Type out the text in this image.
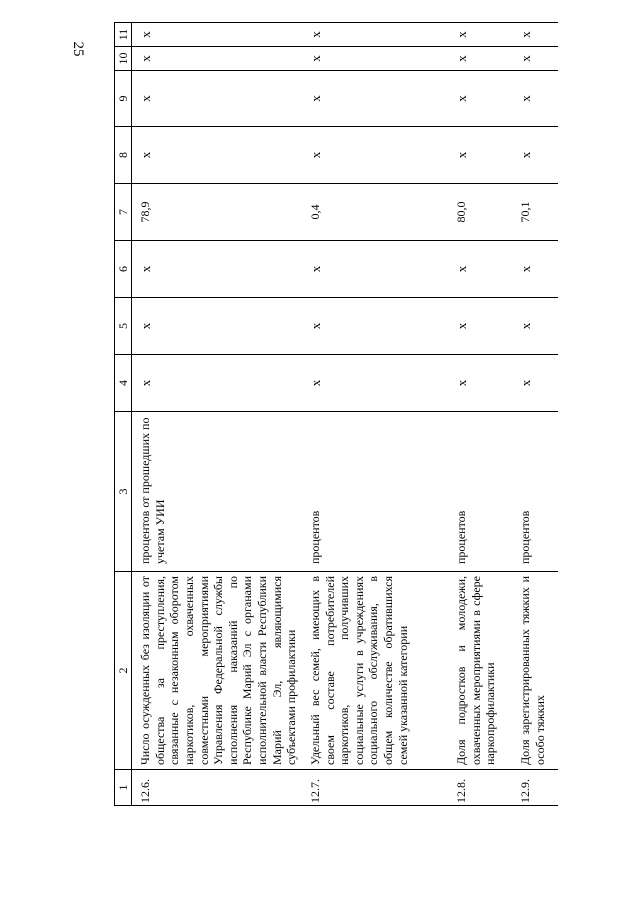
25
1	2	3	4	5	6	7	8	9	10	11
12.6.	Число осужденных без изоляции от общества за преступления, связанные с незаконным оборотом наркотиков, охваченных совместными мероприятиями Управления Федеральной службы исполнения наказаний по Республике Марий Эл с органами исполнительной власти Республики Марий Эл, являющимися субъектами профилактики	процентов от прошедших по учетам УИИ	x	x	x	78,9	x	x	x	x
12.7.	Удельный вес семей, имеющих в своем составе потребителей наркотиков, получивших социальные услуги в учреждениях социального обслуживания, в общем количестве обратившихся семей указанной категории	процентов	x	x	x	0,4	x	x	x	x
12.8.	Доля подростков и молодежи, охваченных мероприятиями в сфере наркопрофилактики	процентов	x	x	x	80,0	x	x	x	x
12.9.	Доля зарегистрированных тяжких и особо тяжких	процентов	x	x	x	70,1	x	x	x	x
